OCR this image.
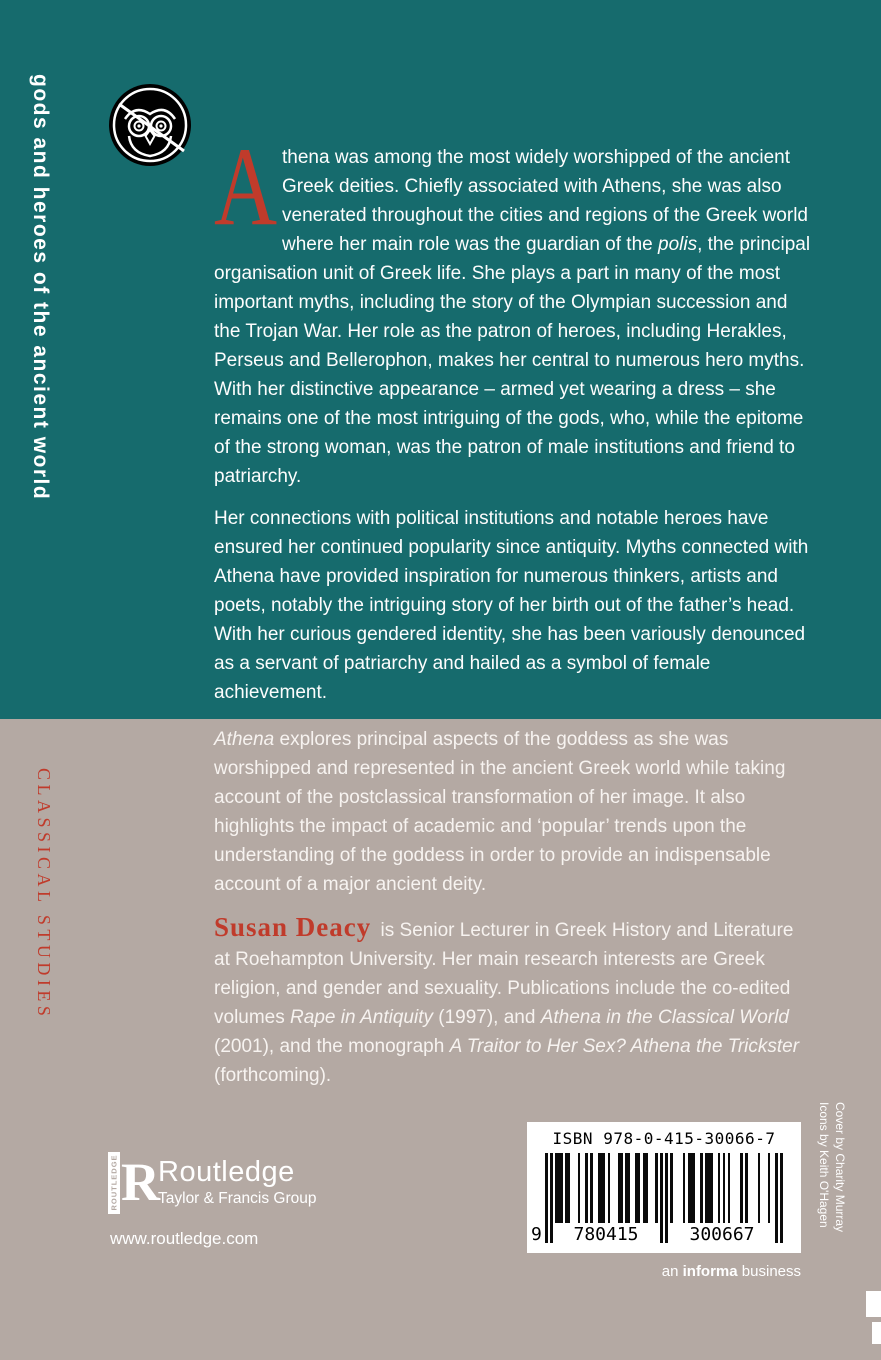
gods and heroes of the ancient world Athena was among the most widely worshipped of the ancient Greek deities. Chiefly associated with Athens, she was also venerated throughout the cities and regions of the Greek world where her main role was the guardian of the polis, the principal organisation unit of Greek life. She plays a part in many of the most important myths, including the story of the Olympian succession and the Trojan War. Her role as the patron of heroes, including Herakles, Perseus and Bellerophon, makes her central to numerous hero myths. With her distinctive appearance – armed yet wearing a dress – she remains one of the most intriguing of the gods, who, while the epitome of the strong woman, was the patron of male institutions and friend to patriarchy.

Her connections with political institutions and notable heroes have ensured her continued popularity since antiquity. Myths connected with Athena have provided inspiration for numerous thinkers, artists and poets, notably the intriguing story of her birth out of the father’s head. With her curious gendered identity, she has been variously denounced as a servant of patriarchy and hailed as a symbol of female achievement.

CLASSICAL STUDIES

Athena explores principal aspects of the goddess as she was worshipped and represented in the ancient Greek world while taking account of the postclassical transformation of her image. It also highlights the impact of academic and ‘popular’ trends upon the understanding of the goddess in order to provide an indispensable account of a major ancient deity.

Susan Deacy is Senior Lecturer in Greek History and Literature at Roehampton University. Her main research interests are Greek religion, and gender and sexuality. Publications include the co-edited volumes Rape in Antiquity (1997), and Athena in the Classical World (2001), and the monograph A Traitor to Her Sex? Athena the Trickster (forthcoming).

ROUTLEDGE R
Routledge
Taylor & Francis Group
www.routledge.com
ISBN 978-0-415-30066-7
9	780415	300667
Icons by Keith O'Hagen Cover by Charity Murray
an informa business
